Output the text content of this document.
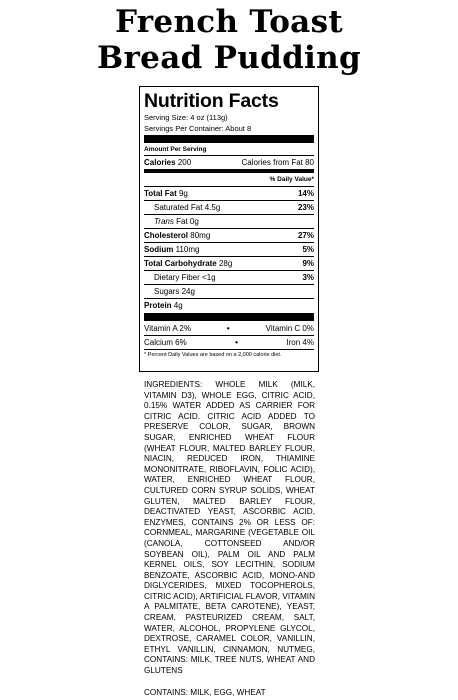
French Toast
Bread Pudding
Nutrition Facts
Serving Size: 4 oz (113g)
Servings Per Container: About 8
Amount Per Serving
Calories 200	Calories from Fat 80
% Daily Value*
Total Fat 9g	14%
Saturated Fat 4.5g	23%
Trans Fat 0g
Cholesterol 80mg	27%
Sodium 110mg	5%
Total Carbohydrate 28g	9%
Dietary Fiber <1g	3%
Sugars 24g
Protein 4g
Vitamin A 2%	•	Vitamin C 0%
Calcium 6%	•	Iron 4%
* Percent Daily Values are based on a 2,000 calorie diet.
INGREDIENTS: WHOLE MILK (MILK, VITAMIN D3), WHOLE EGG, CITRIC ACID, 0.15% WATER ADDED AS CARRIER FOR CITRIC ACID. CITRIC ACID ADDED TO PRESERVE COLOR, SUGAR, BROWN SUGAR, ENRICHED WHEAT FLOUR (WHEAT FLOUR, MALTED BARLEY FLOUR, NIACIN, REDUCED IRON, THIAMINE MONONITRATE, RIBOFLAVIN, FOLIC ACID), WATER, ENRICHED WHEAT FLOUR, CULTURED CORN SYRUP SOLIDS, WHEAT GLUTEN, MALTED BARLEY FLOUR, DEACTIVATED YEAST, ASCORBIC ACID, ENZYMES, CONTAINS 2% OR LESS OF: CORNMEAL, MARGARINE (VEGETABLE OIL (CANOLA, COTTONSEED AND/OR SOYBEAN OIL), PALM OIL AND PALM KERNEL OILS, SOY LECITHIN, SODIUM BENZOATE, ASCORBIC ACID, MONO-AND DIGLYCERIDES, MIXED TOCOPHEROLS, CITRIC ACID), ARTIFICIAL FLAVOR, VITAMIN A PALMITATE, BETA CAROTENE), YEAST, CREAM, PASTEURIZED CREAM, SALT, WATER, ALCOHOL, PROPYLENE GLYCOL, DEXTROSE, CARAMEL COLOR, VANILLIN, ETHYL VANILLIN, CINNAMON, NUTMEG, CONTAINS: MILK, TREE NUTS, WHEAT AND GLUTENS
CONTAINS: MILK, EGG, WHEAT
